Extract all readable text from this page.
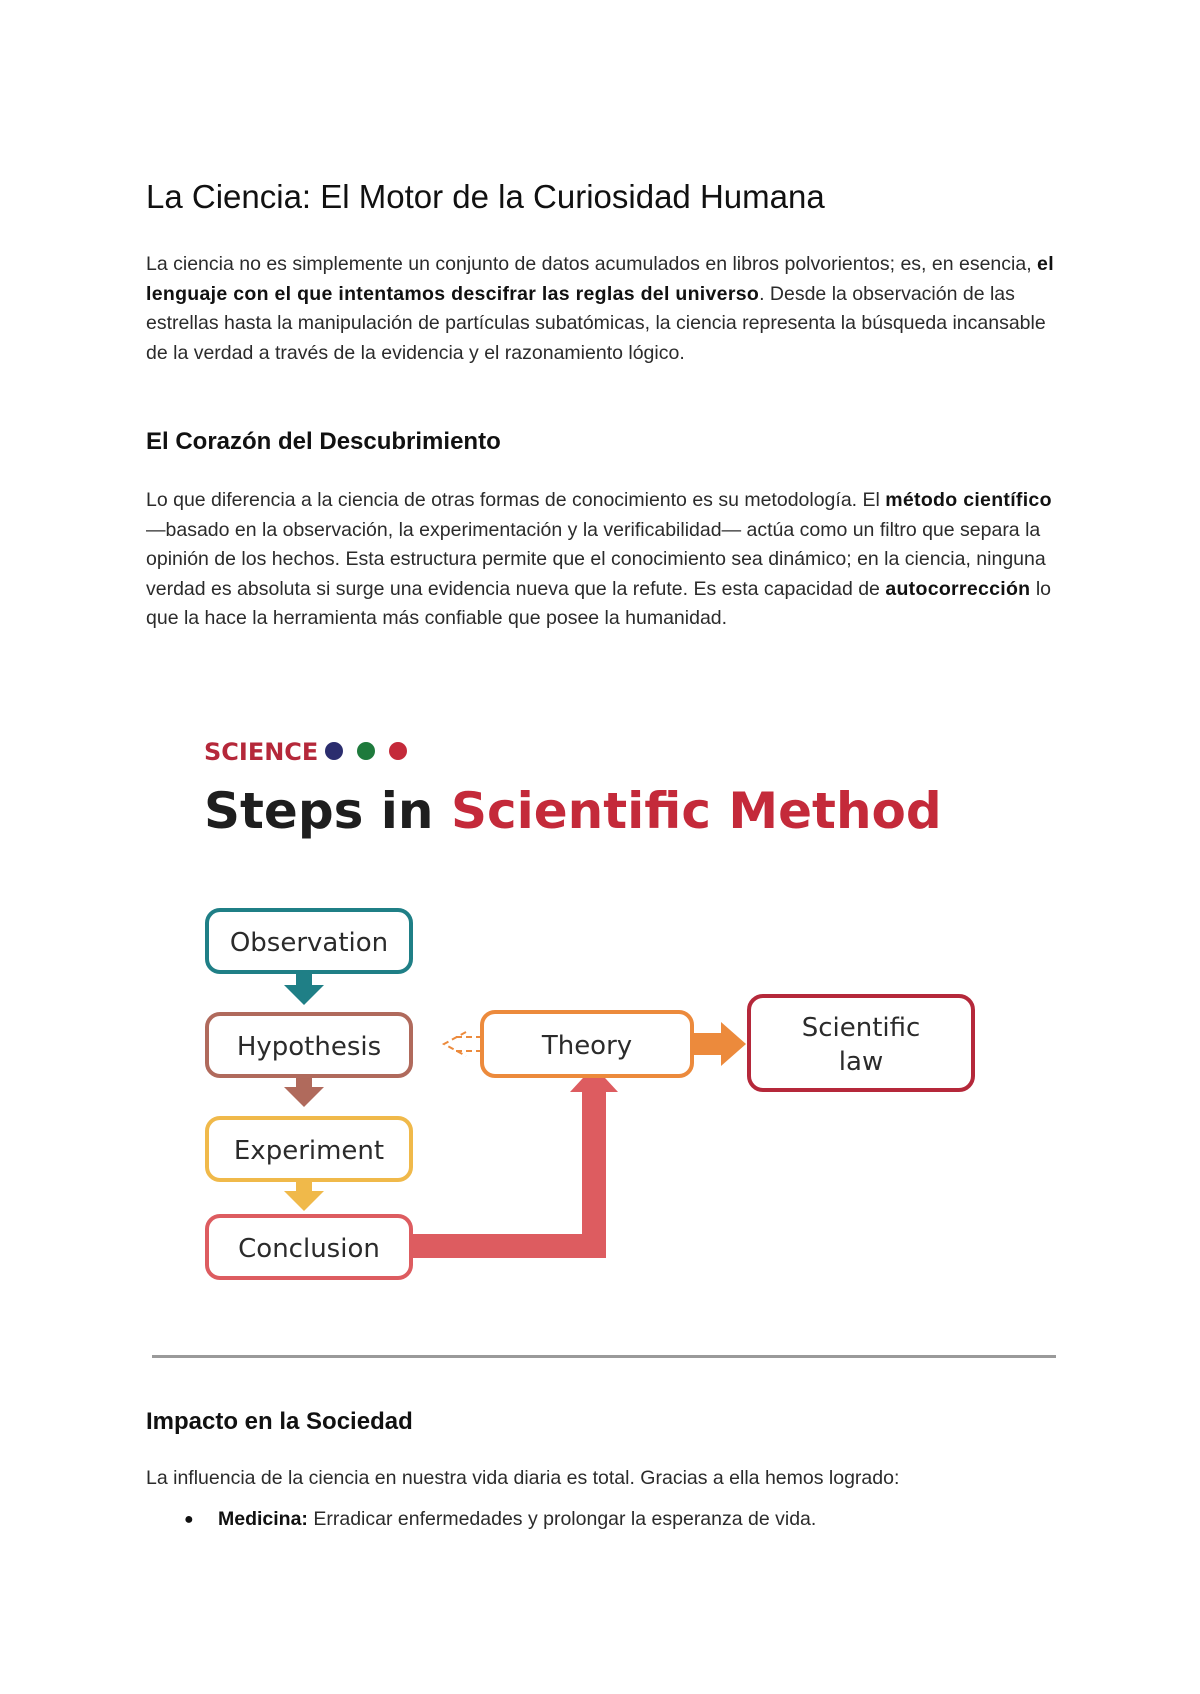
La Ciencia: El Motor de la Curiosidad Humana

La ciencia no es simplemente un conjunto de datos acumulados en libros polvorientos; es, en esencia, el lenguaje con el que intentamos descifrar las reglas del universo. Desde la observación de las estrellas hasta la manipulación de partículas subatómicas, la ciencia representa la búsqueda incansable de la verdad a través de la evidencia y el razonamiento lógico.

El Corazón del Descubrimiento

Lo que diferencia a la ciencia de otras formas de conocimiento es su metodología. El método científico —basado en la observación, la experimentación y la verificabilidad— actúa como un filtro que separa la opinión de los hechos. Esta estructura permite que el conocimiento sea dinámico; en la ciencia, ninguna verdad es absoluta si surge una evidencia nueva que la refute. Es esta capacidad de autocorrección lo que la hace la herramienta más confiable que posee la humanidad.

SCIENCE
Steps in Scientific Method
Observation
Hypothesis
Experiment
Conclusion
Theory
Scientific
law
Impacto en la Sociedad

La influencia de la ciencia en nuestra vida diaria es total. Gracias a ella hemos logrado:

● Medicina: Erradicar enfermedades y prolongar la esperanza de vida.
